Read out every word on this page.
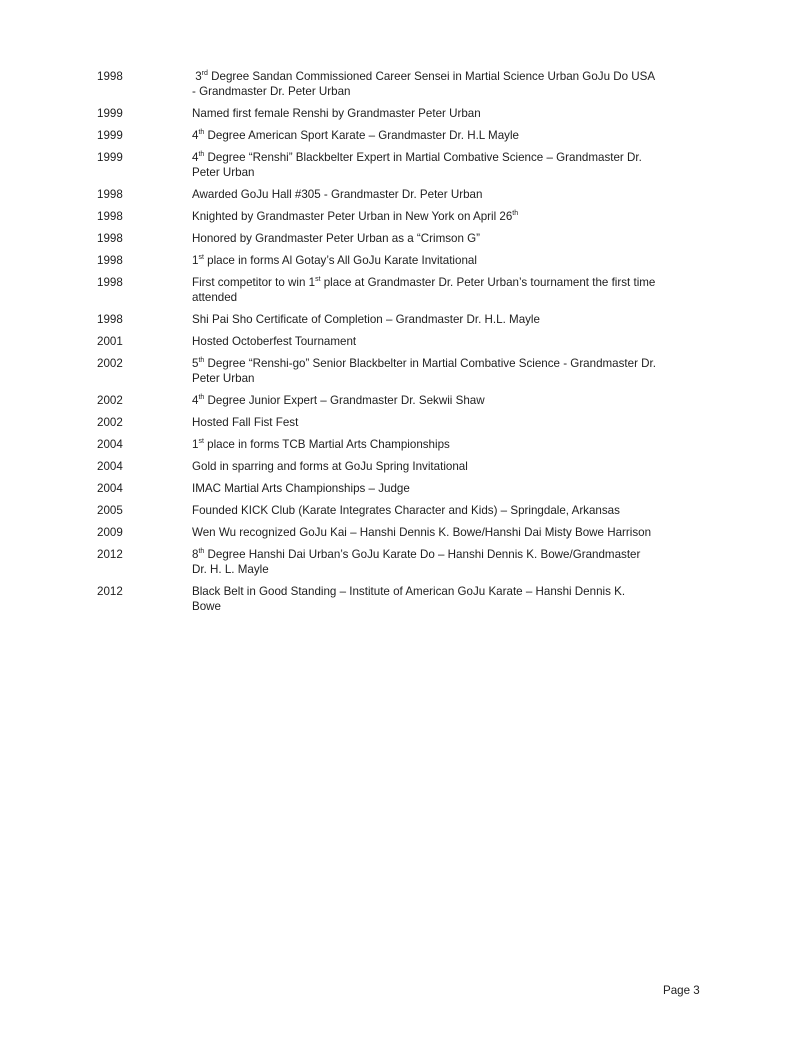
1998	3rd Degree Sandan Commissioned Career Sensei in Martial Science Urban GoJu Do USA - Grandmaster Dr. Peter Urban
1999	Named first female Renshi by Grandmaster Peter Urban
1999	4th Degree American Sport Karate – Grandmaster Dr. H.L Mayle
1999	4th Degree “Renshi” Blackbelter Expert in Martial Combative Science – Grandmaster Dr. Peter Urban
1998	Awarded GoJu Hall #305 - Grandmaster Dr. Peter Urban
1998	Knighted by Grandmaster Peter Urban in New York on April 26th
1998	Honored by Grandmaster Peter Urban as a “Crimson G”
1998	1st place in forms Al Gotay’s All GoJu Karate Invitational
1998	First competitor to win 1st place at Grandmaster Dr. Peter Urban’s tournament the first time attended
1998	Shi Pai Sho Certificate of Completion – Grandmaster Dr. H.L. Mayle
2001	Hosted Octoberfest Tournament
2002	5th Degree “Renshi-go” Senior Blackbelter in Martial Combative Science - Grandmaster Dr. Peter Urban
2002	4th Degree Junior Expert – Grandmaster Dr. Sekwii Shaw
2002	Hosted Fall Fist Fest
2004	1st place in forms TCB Martial Arts Championships
2004	Gold in sparring and forms at GoJu Spring Invitational
2004	IMAC Martial Arts Championships – Judge
2005	Founded KICK Club (Karate Integrates Character and Kids) – Springdale, Arkansas
2009	Wen Wu recognized GoJu Kai – Hanshi Dennis K. Bowe/Hanshi Dai Misty Bowe Harrison
2012	8th Degree Hanshi Dai Urban’s GoJu Karate Do – Hanshi Dennis K. Bowe/Grandmaster Dr. H. L. Mayle
2012	Black Belt in Good Standing – Institute of American GoJu Karate – Hanshi Dennis K. Bowe
Page 3
